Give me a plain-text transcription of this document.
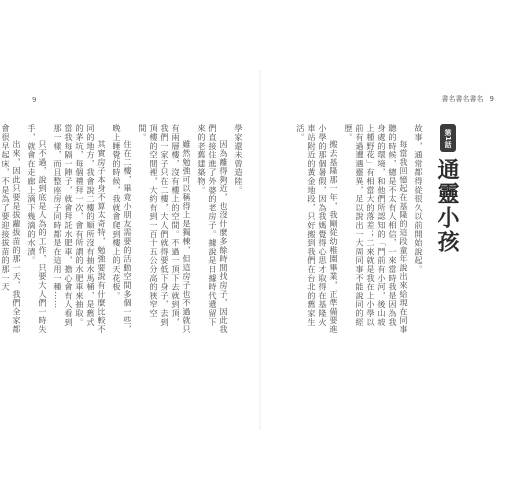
9	書名書名書名 9
第1話
通靈小孩

故事，通常都得從很久以前開始說起。

每當我回憶起在基隆的這段童年說出來給現在同事聽的時候，總是不太有人相信，一來當時我是因為我身處的環境，和他們所認知的「鬥前有小河，後山坡上種野花」有相當大的落差；二來就是我在上小學以前有過遭遇靈異，足以說出一大周同事不能說同的經歷。

搬去基隆那一年，我剛從幼稚園畢業，正準備要進小學的那個暑假，因為我媽覺得心思才取得在基隆火車站附近的黃金地段，只好搬到我們在台北的舊家生活。

學家還未曾造陸。

因為離得夠近，也沒什麼多餘時間找房子，因此我們直接住進了外婆的老房子。據說是日據時代遺留下來的老舊建築物。

雖然勉強可以稱得上是獨棟，但這房子也不過就只有兩層樓，沒有樓上的空間。不過一頂下去就到頂，我們一家子只在二樓，大人們就得要低下身子，去到頂樓的空間裡，大約有到一百十五公分高的狹窄空間。

住在二樓，畢竟小朋友需要的活動空間多個一些，晚上睡覺的時候，我就會爬到樓上的天花板。

其實房子本身不算太奇特，勉強要說有什麼比較不同的地方，我會說二樓的順所沒有抽水馬桶，是舊式的茅坑，每個禮拜一次，會有所謂的水肥車來抽取。當我每隔一陣子，就會拜託水肥車，擔心會有人看到那一樣，而且整座房子同時都是在這用一種……

只不過，說到底是人為的工作，只要大人們一時失手，就會在走廊上滴下幾滴的水漬。

出來，因此只要是拔蘿拔苗的那一天，我們全家都會很早起床，不是為了要迎接拔苗的那一天
